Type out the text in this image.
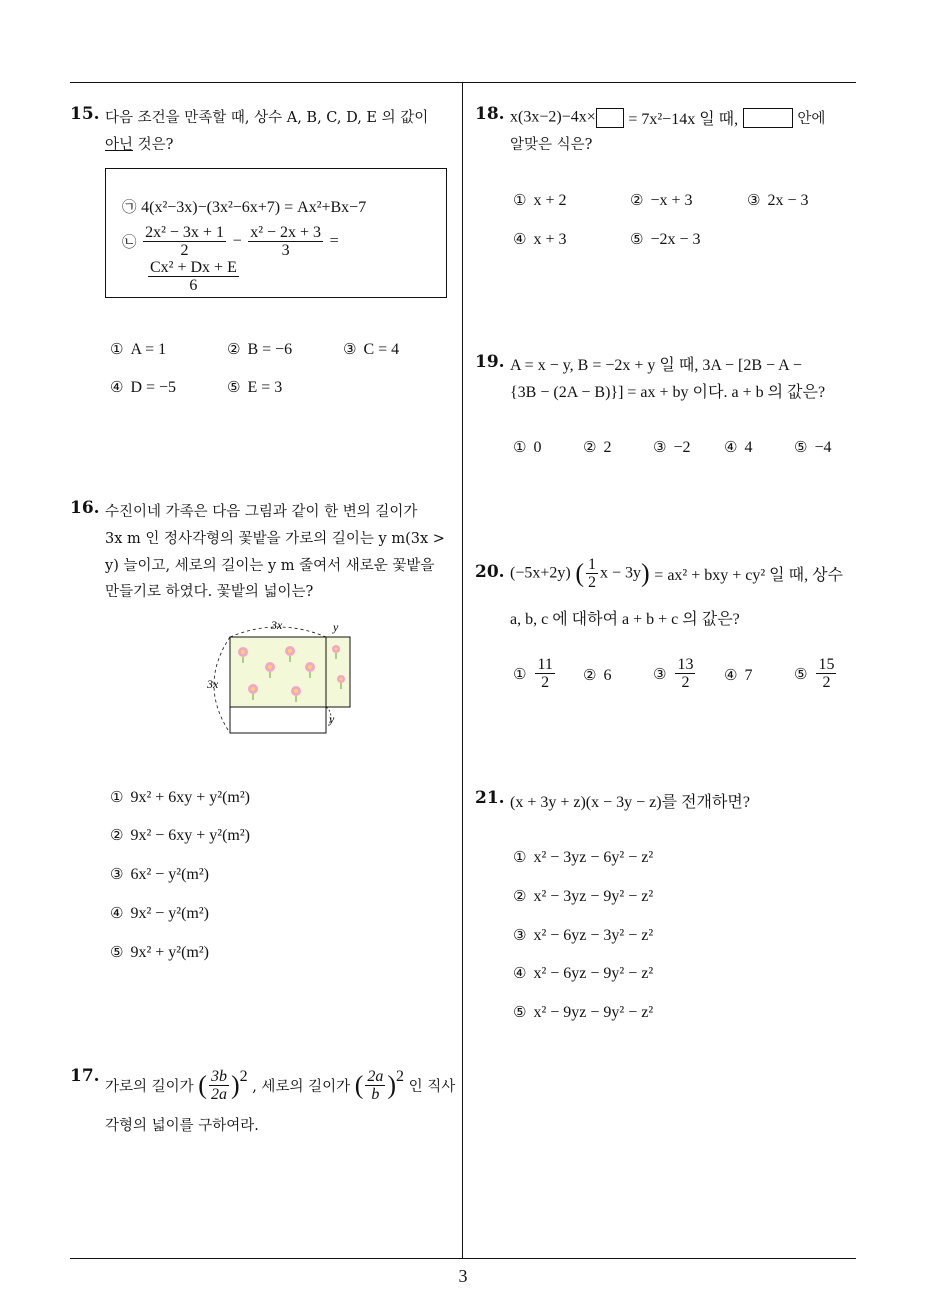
15. 다음 조건을 만족할 때, 상수 A, B, C, D, E 의 값이
아닌 것은?
㉠ 4(x²−3x)−(3x²−6x+7) = Ax²+Bx−7
㉡ $\frac{\text{2x² − 3x + 1}}{2} - \frac{\text{x² − 2x + 3}}{3}$ =
$\frac{\text{Cx² + Dx + E}}{6}$
① A = 1	② B = −6	③ C = 4
④ D = −5	⑤ E = 3
16. 수진이네 가족은 다음 그림과 같이 한 변의 길이가
3x m 인 정사각형의 꽃밭을 가로의 길이는 y m(3x >
y) 늘이고, 세로의 길이는 y m 줄여서 새로운 꽃밭을
만들기로 하였다. 꽃밭의 넓이는?
3x	y
3x
y
① 9x² + 6xy + y²(m²)
② 9x² − 6xy + y²(m²)
③ 6x² − y²(m²)
④ 9x² − y²(m²)
⑤ 9x² + y²(m²)
17.
가로의 길이가 ( $\frac{3b}{2a} )^2$ , 세로의 길이가 ( $\frac{2a}{b} )^2$ 인 직사
각형의 넓이를 구하여라.
18. x(3x−2)−4x× = 7x²−14x 일 때,	안에
알맞은 식은?
① x + 2	② −x + 3	③ 2x − 3
④ x + 3	⑤ −2x − 3
19. A = x − y, B = −2x + y 일 때, 3A − [2B − A −
{3B − (2A − B)}] = ax + by 이다. a + b 의 값은?
① 0	② 2	③ −2 ④ 4	⑤ −4
20. (−5x+2y) ( $\frac{1}{2}$ x − 3y) = ax² + bxy + cy² 일 때, 상수
a, b, c 에 대하여 a + b + c 의 값은?
① $\frac{11}{2}$ ② 6	③ $\frac{13}{2}$ ④ 7	⑤ $\frac{15}{2}$
21. (x + 3y + z)(x − 3y − z)를 전개하면?
① x² − 3yz − 6y² − z²
② x² − 3yz − 9y² − z²
③ x² − 6yz − 3y² − z²
④ x² − 6yz − 9y² − z²
⑤ x² − 9yz − 9y² − z²
3
